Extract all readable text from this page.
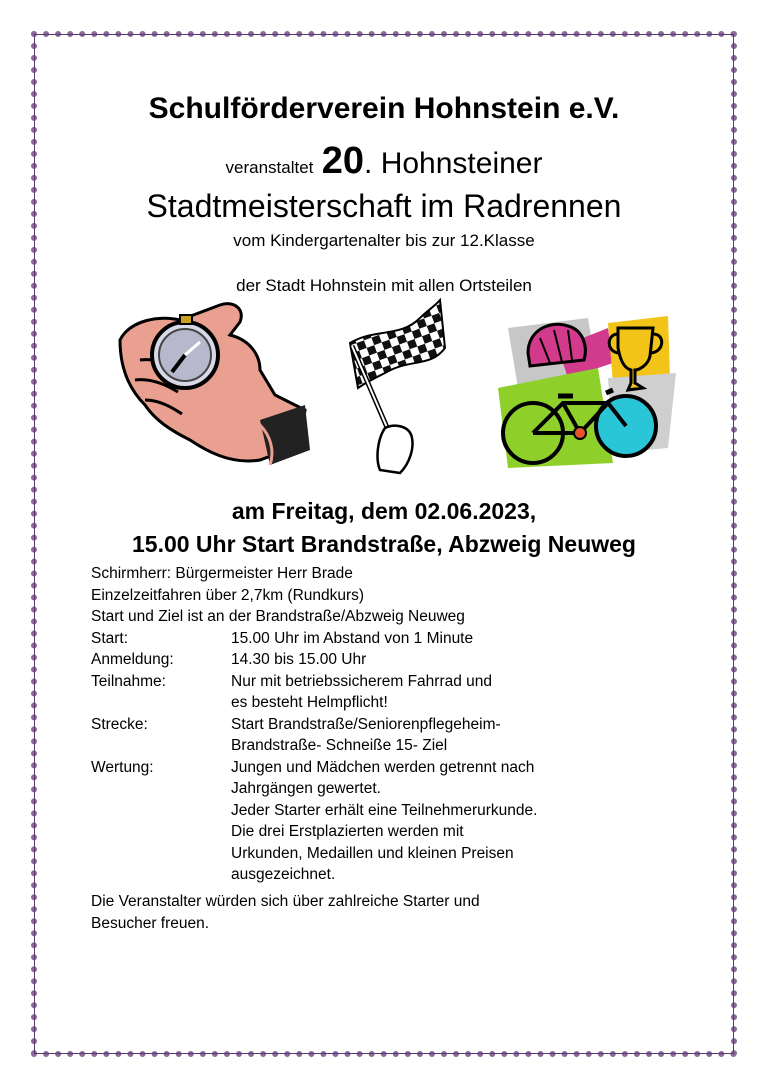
Schulförderverein Hohnstein e.V.
veranstaltet 20. Hohnsteiner
Stadtmeisterschaft im Radrennen
vom Kindergartenalter bis zur 12.Klasse
der Stadt Hohnstein mit allen Ortsteilen
am Freitag, dem 02.06.2023,
15.00 Uhr Start Brandstraße, Abzweig Neuweg
Schirmherr: Bürgermeister Herr Brade
Einzelzeitfahren über 2,7km (Rundkurs)
Start und Ziel ist an der Brandstraße/Abzweig Neuweg
Start:	15.00 Uhr im Abstand von 1 Minute
Anmeldung:	14.30 bis 15.00 Uhr
Teilnahme:	Nur mit betriebssicherem Fahrrad und
es besteht Helmpflicht!
Strecke:	Start Brandstraße/Seniorenpflegeheim-
Brandstraße- Schneiße 15- Ziel
Wertung:	Jungen und Mädchen werden getrennt nach
Jahrgängen gewertet.
Jeder Starter erhält eine Teilnehmerurkunde.
Die drei Erstplazierten werden mit
Urkunden, Medaillen und kleinen Preisen
ausgezeichnet.
Die Veranstalter würden sich über zahlreiche Starter und
Besucher freuen.
